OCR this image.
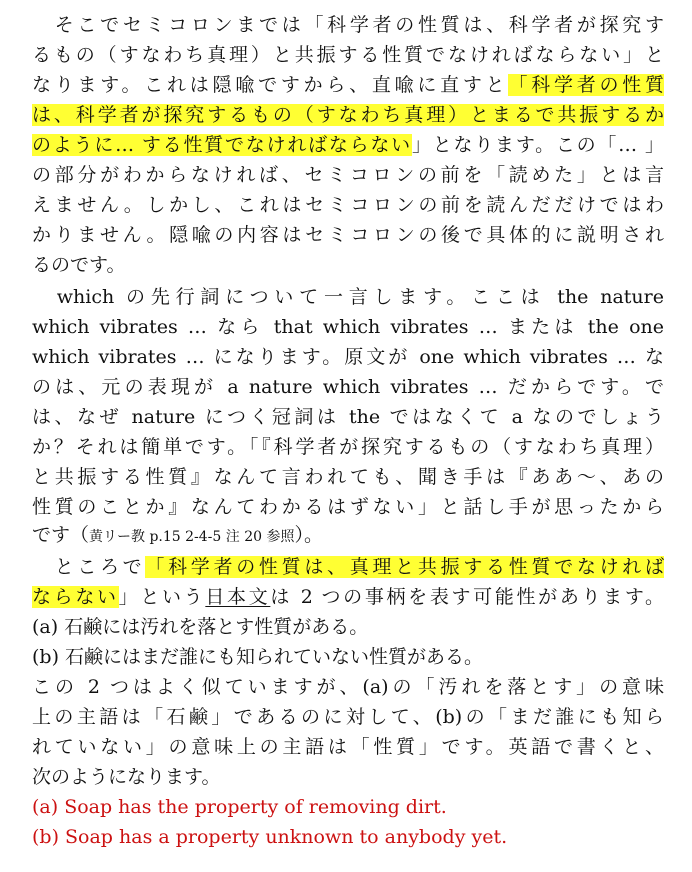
　そこでセミコロンまでは「科学者の性質は、科学者が探究す
るもの（すなわち真理）と共振する性質でなければならない」と
なります。これは隠喩ですから、直喩に直すと「科学者の性質
は、科学者が探究するもの（すなわち真理）とまるで共振するか
のように… する性質でなければならない」となります。この「… 」
の部分がわからなければ、セミコロンの前を「読めた」とは言
えません。しかし、これはセミコロンの前を読んだだけではわ
かりません。隠喩の内容はセミコロンの後で具体的に説明され
るのです。
　which の先行詞について一言します。ここは the nature
which vibrates … なら that which vibrates … または the one
which vibrates … になります。原文が one which vibrates … な
のは、元の表現が a nature which vibrates … だからです。で
は、なぜ nature につく冠詞は the ではなくて a なのでしょう
か？それは簡単です。「『科学者が探究するもの（すなわち真理）
と共振する性質』なんて言われても、聞き手は『ああ～、あの
性質のことか』なんてわかるはずない」と話し手が思ったから
です（黄リー教 p.15 2-4-5 注 20 参照）。
　ところで「科学者の性質は、真理と共振する性質でなければ
ならない」という日本文は 2 つの事柄を表す可能性があります。
(a) 石鹸には汚れを落とす性質がある。
(b) 石鹸にはまだ誰にも知られていない性質がある。
この 2 つはよく似ていますが、(a)の「汚れを落とす」の意味
上の主語は「石鹸」であるのに対して、(b)の「まだ誰にも知ら
れていない」の意味上の主語は「性質」です。英語で書くと、
次のようになります。
(a) Soap has the property of removing dirt.
(b) Soap has a property unknown to anybody yet.
